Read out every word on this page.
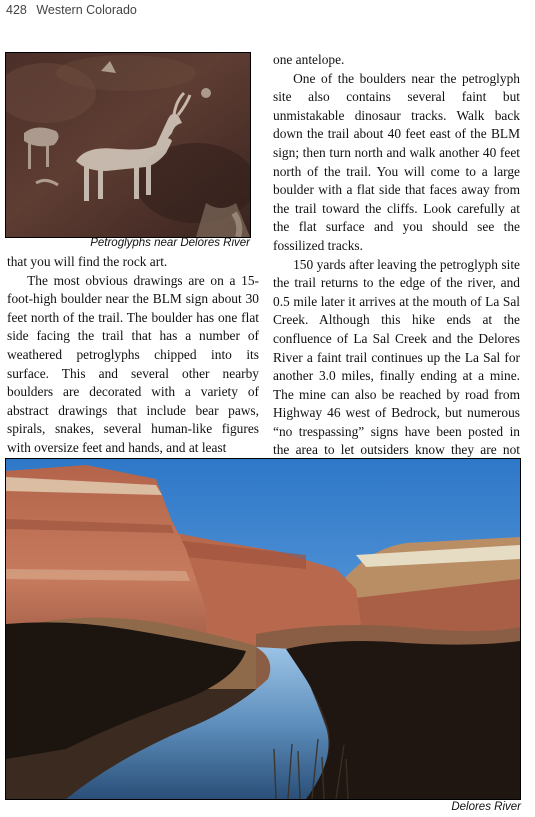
428 Western Colorado
Petroglyphs near Delores River

that you will find the rock art.

The most obvious drawings are on a 15-foot-high boulder near the BLM sign about 30 feet north of the trail. The boulder has one flat side facing the trail that has a number of weathered petroglyphs chipped into its surface. This and several other nearby boulders are decorated with a variety of abstract drawings that include bear paws, spirals, snakes, several human-like figures with oversize feet and hands, and at least

one antelope.

One of the boulders near the petroglyph site also contains several faint but unmistakable dinosaur tracks. Walk back down the trail about 40 feet east of the BLM sign; then turn north and walk another 40 feet north of the trail. You will come to a large boulder with a flat side that faces away from the trail toward the cliffs. Look carefully at the flat surface and you should see the fossilized tracks.

150 yards after leaving the petroglyph site the trail returns to the edge of the river, and 0.5 mile later it arrives at the mouth of La Sal Creek. Although this hike ends at the confluence of La Sal Creek and the Delores River a faint trail continues up the La Sal for another 3.0 miles, finally ending at a mine. The mine can also be reached by road from Highway 46 west of Bedrock, but numerous “no trespassing” signs have been posted in the area to let outsiders know they are not

Delores River
